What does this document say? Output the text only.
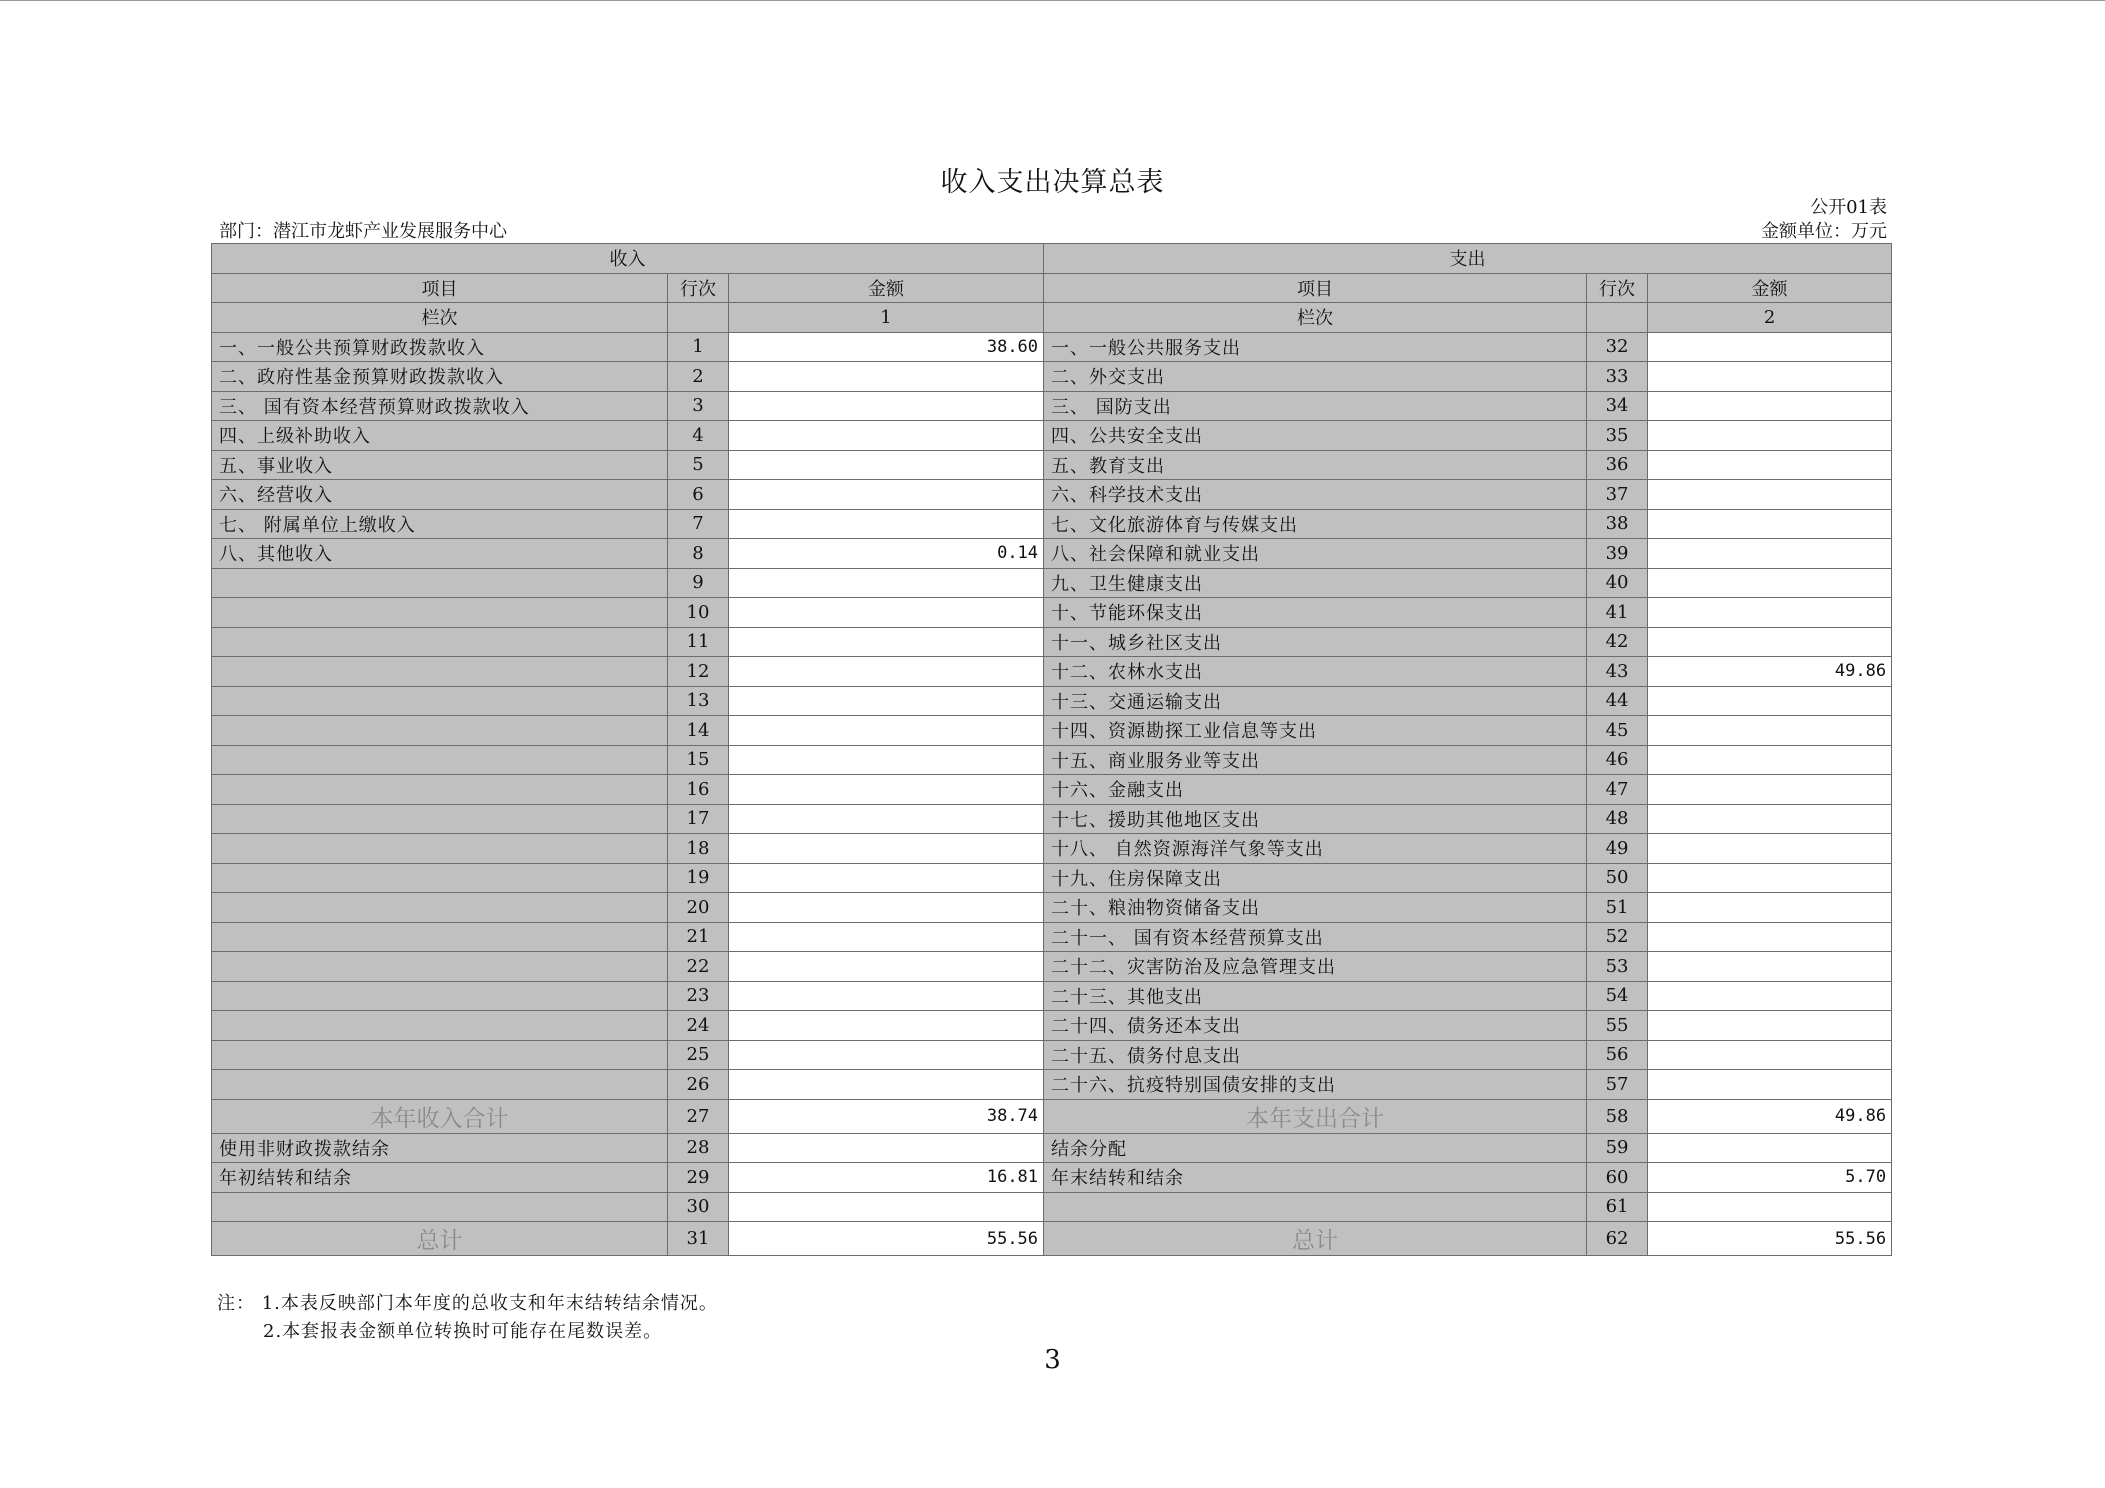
收入支出决算总表
公开01表
部门：潜江市龙虾产业发展服务中心	金额单位：万元
收入			支出		
项目	行次	金额	项目	行次	金额
栏次		1	栏次		2
一、一般公共预算财政拨款收入	1	38.60	一、一般公共服务支出	32	
二、政府性基金预算财政拨款收入	2		二、外交支出	33	
三、 国有资本经营预算财政拨款收入	3		三、 国防支出	34	
四、上级补助收入	4		四、公共安全支出	35	
五、事业收入	5		五、教育支出	36	
六、经营收入	6		六、科学技术支出	37	
七、 附属单位上缴收入	7		七、文化旅游体育与传媒支出	38	
八、其他收入	8	0.14	八、社会保障和就业支出	39	
	9		九、卫生健康支出	40	
	10		十、节能环保支出	41	
	11		十一、城乡社区支出	42	
	12		十二、农林水支出	43	49.86
	13		十三、交通运输支出	44	
	14		十四、资源勘探工业信息等支出	45	
	15		十五、商业服务业等支出	46	
	16		十六、金融支出	47	
	17		十七、援助其他地区支出	48	
	18		十八、 自然资源海洋气象等支出	49	
	19		十九、住房保障支出	50	
	20		二十、粮油物资储备支出	51	
	21		二十一、 国有资本经营预算支出	52	
	22		二十二、灾害防治及应急管理支出	53	
	23		二十三、其他支出	54	
	24		二十四、债务还本支出	55	
	25		二十五、债务付息支出	56	
	26		二十六、抗疫特别国债安排的支出	57	
本年收入合计	27	38.74	本年支出合计	58	49.86
使用非财政拨款结余	28		结余分配	59	
年初结转和结余	29	16.81	年末结转和结余	60	5.70
	30			61	
总计	31	55.56	总计	62	55.56
注： 1.本表反映部门本年度的总收支和年末结转结余情况。
2.本套报表金额单位转换时可能存在尾数误差。
3
